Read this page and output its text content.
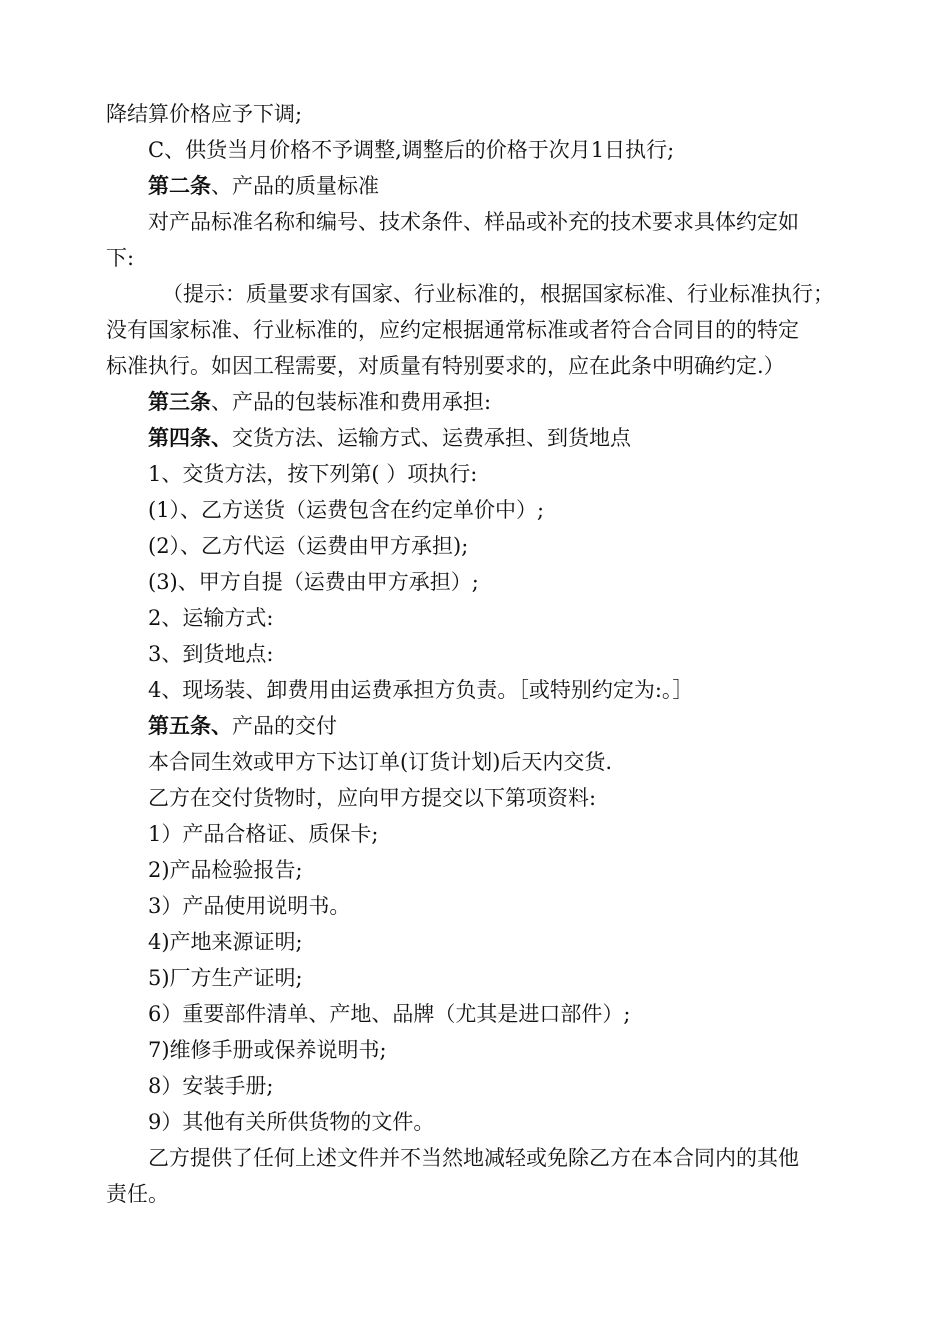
降结算价格应予下调;
C、供货当月价格不予调整,调整后的价格于次月1日执行;
第二条、产品的质量标准
对产品标准名称和编号、技术条件、样品或补充的技术要求具体约定如
下:
（提示：质量要求有国家、行业标准的，根据国家标准、行业标准执行；
没有国家标准、行业标准的，应约定根据通常标准或者符合合同目的的特定
标准执行。如因工程需要，对质量有特别要求的，应在此条中明确约定.）
第三条、产品的包装标准和费用承担:
第四条、交货方法、运输方式、运费承担、到货地点
1、交货方法，按下列第( ）项执行:
(1）、乙方送货（运费包含在约定单价中）;
(2）、乙方代运（运费由甲方承担);
(3)、甲方自提（运费由甲方承担）;
2、运输方式:
3、到货地点:
4、现场装、卸费用由运费承担方负责。［或特别约定为:。］
第五条、产品的交付
本合同生效或甲方下达订单(订货计划)后天内交货.
乙方在交付货物时，应向甲方提交以下第项资料:
1）产品合格证、质保卡;
2)产品检验报告;
3）产品使用说明书。
4)产地来源证明;
5)厂方生产证明;
6）重要部件清单、产地、品牌（尤其是进口部件）;
7)维修手册或保养说明书;
8）安装手册;
9）其他有关所供货物的文件。
乙方提供了任何上述文件并不当然地减轻或免除乙方在本合同内的其他
责任。
